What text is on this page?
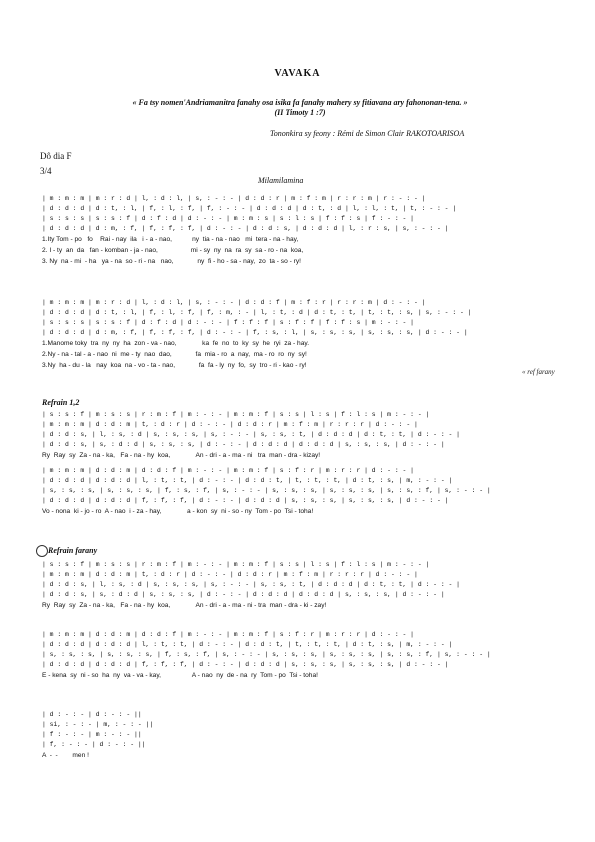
VAVAKA
« Fa tsy nomen'Andriamanitra fanahy osa isika fa fanahy mahery sy fitiavana ary fahononan-tena. »
(II Timoty 1 :7)
Tononkira sy feony : Rémi de Simon Clair RAKOTOARISOA
Dô dia F
3/4
Milamilamina
| m : m : m | m : r : d | l, : d : l, | s, : - : - | d : d : r | m : f : m | r : r : m | r : - : - |
| d : d : d | d : t, : l, | f, : l, : f, | f, : - : - | d : d : d | d : t, : d | l, : l, : t, | t, : - : - |
| s : s : s | s : s : f | d : f : d | d : - : - | m : m : s | s : l : s | f : f : s | f : - : - |
| d : d : d | d : m, : f, | f, : f, : f, | d : - : - | d : d : s, | d : d : d | l, : r : s, | s, : - : - |
1.Ity Tom - po   fo    Rai - nay  ila   i - a - nao,           ny  tia - na - nao   mi  tera - na - hay,
2. I - ty  an  da   fan - komban - ja - nao,                  mi - sy  ny  na  ra  sy  sa - ro - na  koa,
3. Ny  na - mi  - ha   ya - na  so - ri - na   nao,             ny  fi - ho - sa - nay,  zo  ta - so - ry!
| m : m : m | m : r : d | l, : d : l, | s, : - : - | d : d : f | m : f : r | r : r : m | d : - : - |
| d : d : d | d : t, : l, | f, : l, : f, | f, : m, : - | l, : t, : d | d : t, : t, | t, : t, : s, | s, : - : - |
| s : s : s | s : s : f | d : f : d | d : - : - | f : f : f | s : f : f | f : f : s | m : - : - |
| d : d : d | d : m, : f, | f, : f, : f, | d : - : - | f, : s, : l, | s, : s, : s, | s, : s, : s, | d : - : - |
1.Manome toky  tra  ny  ny  ha  zon - va - nao,              ka  fe  no  to  ky  sy  he  ryi  za - hay.
2.Ny - na - tal - a - nao  ni  me - ty  nao  dao,             fa  mia - ro  a  nay,  ma - ro  ro  ny  sy!
3.Ny  ha - du - la   nay  koa  na - vo - ta - nao,             fa  fa - ly  ny  fo,  sy  tro - ri - kao - ry!
« ref farany
Refrain 1,2
| s : s : f | m : s : s | r : m : f | m : - : - | m : m : f | s : s | l : s | f : l : s | m : - : - |
| m : m : m | d : d : m | t, : d : r | d : - : - | d : d : r | m : f : m | r : r : r | d : - : - |
| d : d : s, | l, : s, : d | s, : s, : s, | s, : - : - | s, : s, : t, | d : d : d | d : t, : t, | d : - : - |
| d : d : s, | s, : d : d | s, : s, : s, | d : - : - | d : d : d | d : d : d | s, : s, : s, | d : - : - |
Ry  Ray  sy  Za - na - ka,   Fa - na - hy  koa,              An - dri - a - ma - ni   tra  man - dra - kizay!
| m : m : m | d : d : m | d : d : f | m : - : - | m : m : f | s : f : r | m : r : r | d : - : - |
| d : d : d | d : d : d | l, : t, : t, | d : - : - | d : d : t, | t, : t, : t, | d : t, : s, | m, : - : - |
| s, : s, : s, | s, : s, : s, | f, : s, : f, | s, : - : - | s, : s, : s, | s, : s, : s, | s, : s, : f, | s, : - : - |
| d : d : d | d : d : d | f, : f, : f, | d : - : - | d : d : d | s, : s, : s, | s, : s, : s, | d : - : - |
Vo - nona  ki - jo - ro  A - nao  i - za - hay,              a - kon  sy  ni - so - ny  Tom - po  Tsi - toha!
Refrain farany
| s : s : f | m : s : s | r : m : f | m : - : - | m : m : f | s : s | l : s | f : l : s | m : - : - |
| m : m : m | d : d : m | t, : d : r | d : - : - | d : d : r | m : f : m | r : r : r | d : - : - |
| d : d : s, | l, : s, : d | s, : s, : s, | s, : - : - | s, : s, : t, | d : d : d | d : t, : t, | d : - : - |
| d : d : s, | s, : d : d | s, : s, : s, | d : - : - | d : d : d | d : d : d | s, : s, : s, | d : - : - |
Ry  Ray  sy  Za - na - ka,   Fa - na - hy  koa,              An - dri - a - ma - ni - tra  man - dra - ki - zay!
| m : m : m | d : d : m | d : d : f | m : - : - | m : m : f | s : f : r | m : r : r | d : - : - |
| d : d : d | d : d : d | l, : t, : t, | d : - : - | d : d : t, | t, : t, : t, | d : t, : s, | m, : - : - |
| s, : s, : s, | s, : s, : s, | f, : s, : f, | s, : - : - | s, : s, : s, | s, : s, : s, | s, : s, : f, | s, : - : - |
| d : d : d | d : d : d | f, : f, : f, | d : - : - | d : d : d | s, : s, : s, | s, : s, : s, | d : - : - |
E - kena  sy  ni - so  ha  ny  va - va - kay,                 A - nao  ny  de - na  ry  Tom - po  Tsi - toha!
| d : - : - | d : - : - ||
| si, : - : - | m, : - : - ||
| f : - : - | m : - : - ||
| f, : - : - | d : - : - ||
A  -  -        men !
